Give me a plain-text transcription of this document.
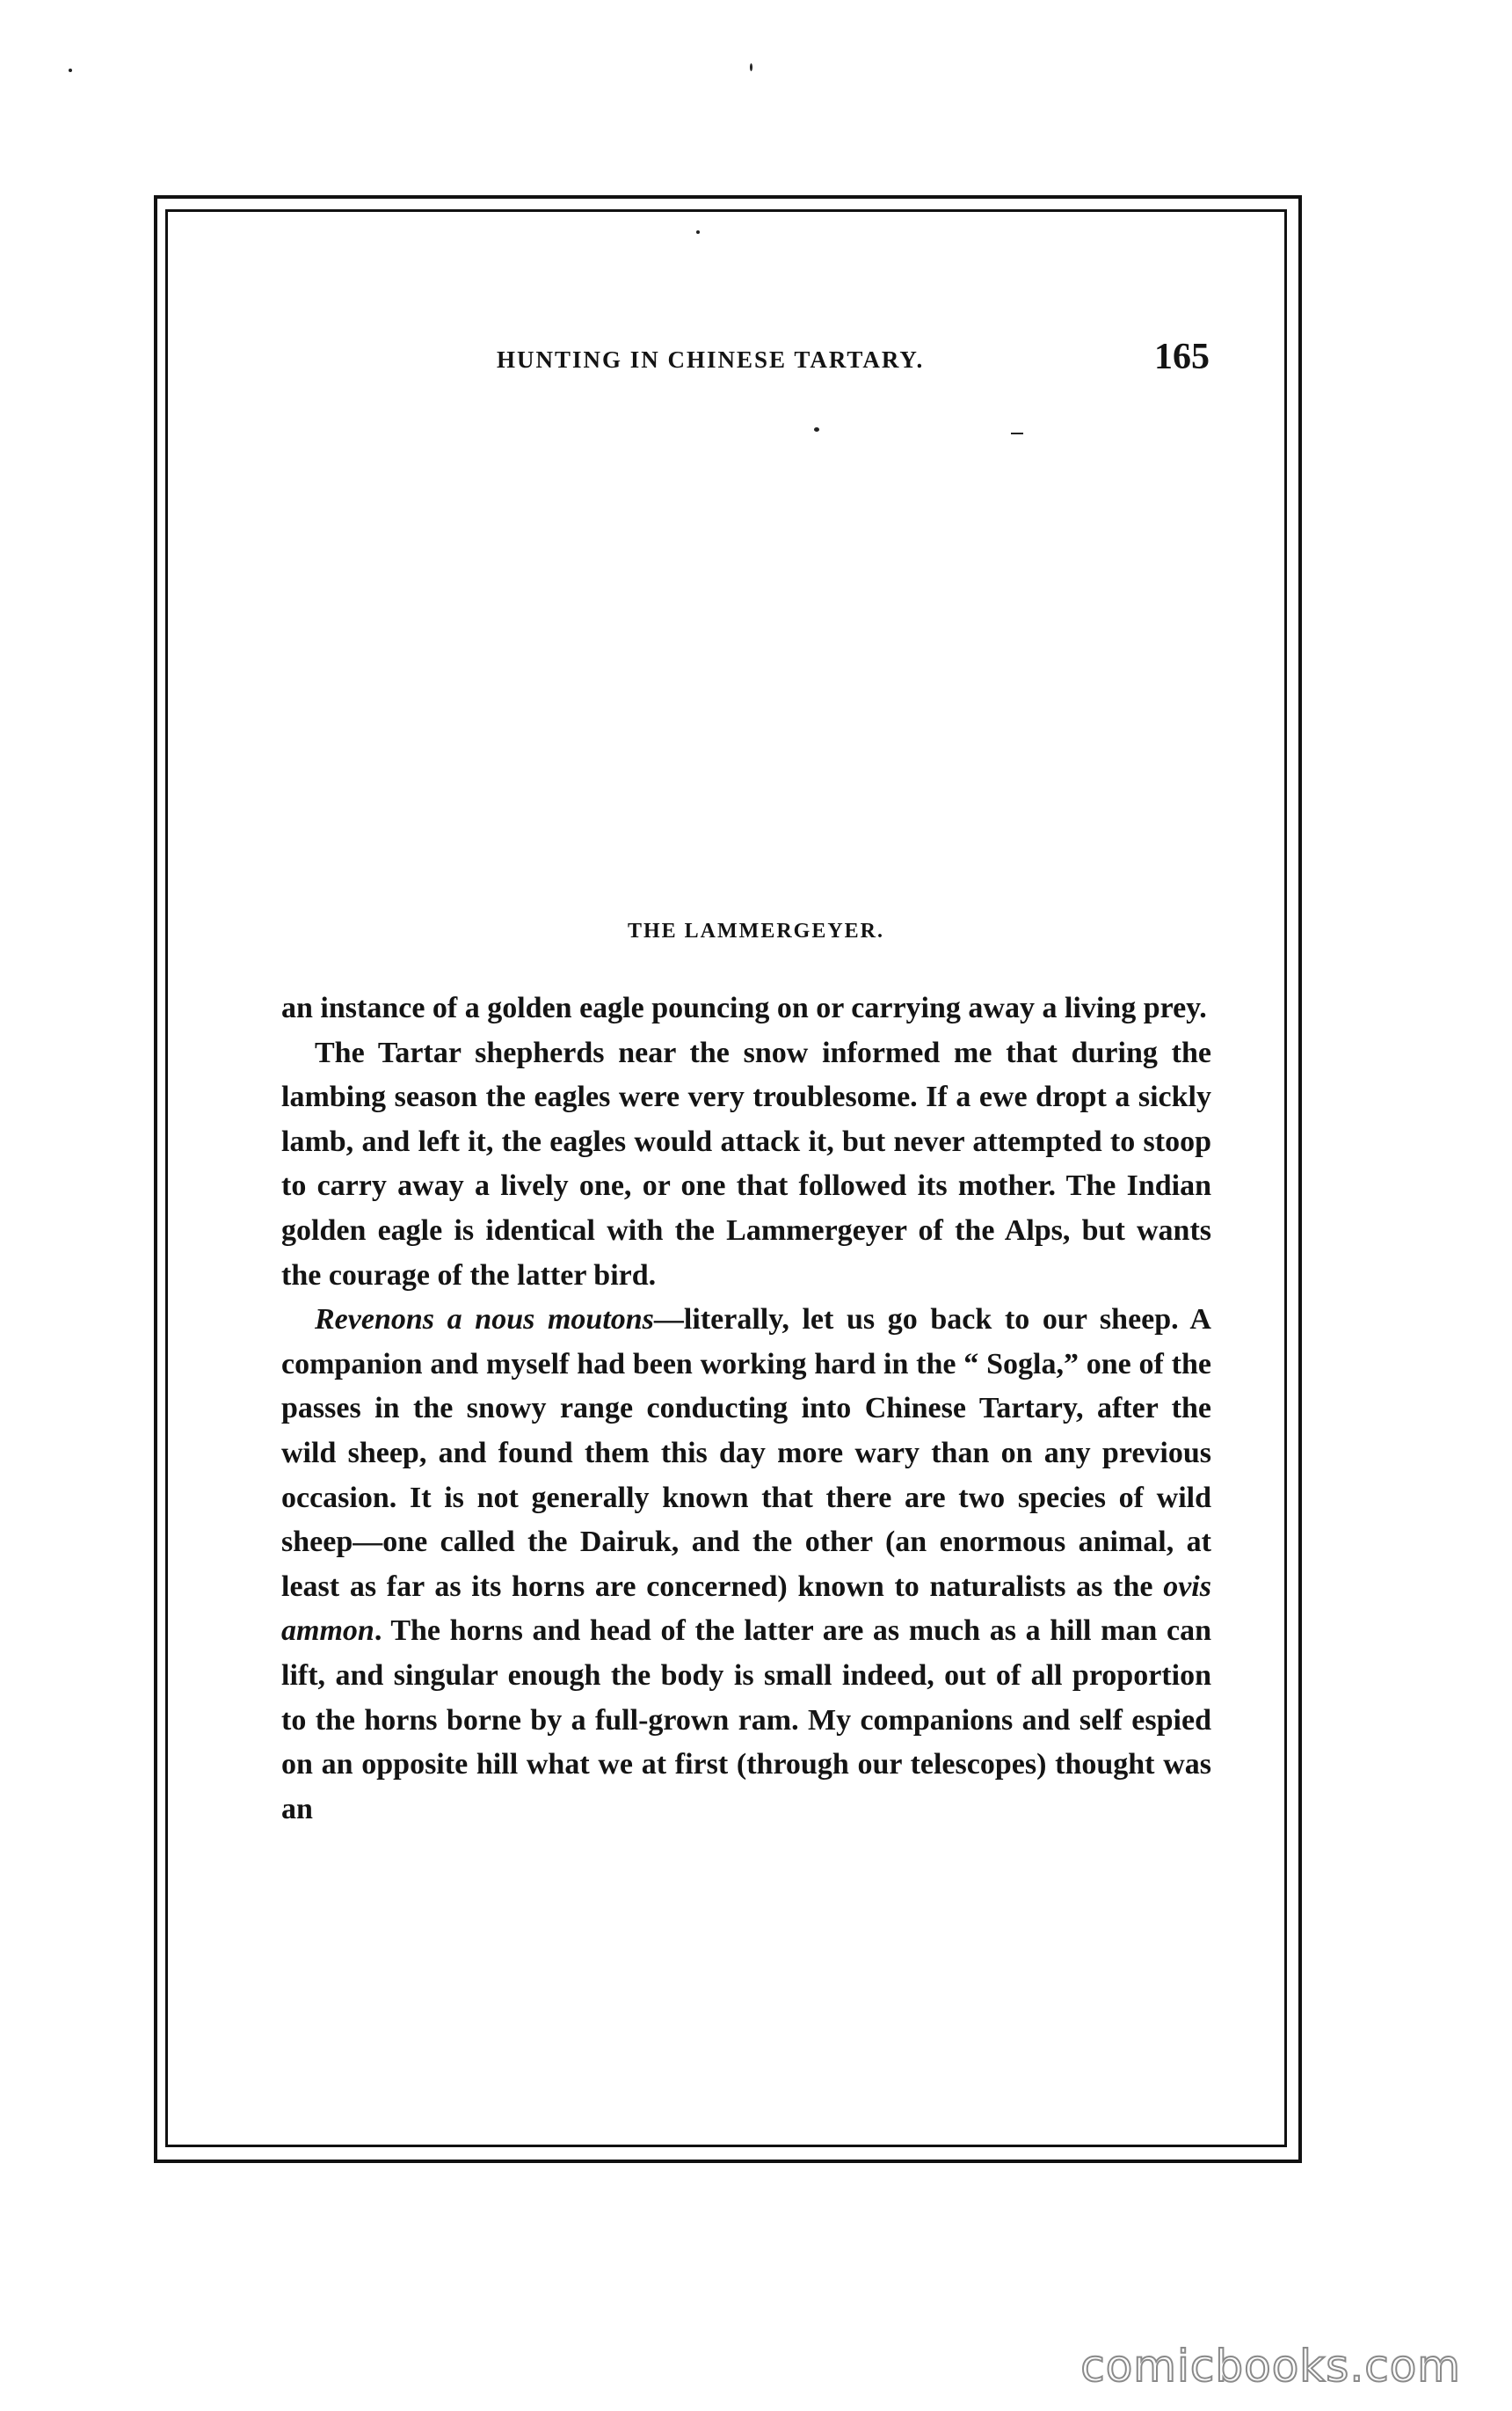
HUNTING IN CHINESE TARTARY.	165
THE LAMMERGEYER.

an instance of a golden eagle pouncing on or carrying away a living prey.

The Tartar shepherds near the snow informed me that during the lambing season the eagles were very troublesome. If a ewe dropt a sickly lamb, and left it, the eagles would attack it, but never attempted to stoop to carry away a lively one, or one that followed its mother. The Indian golden eagle is identical with the Lammergeyer of the Alps, but wants the courage of the latter bird.

Revenons a nous moutons—literally, let us go back to our sheep. A companion and myself had been working hard in the “ Sogla,” one of the passes in the snowy range conducting into Chinese Tartary, after the wild sheep, and found them this day more wary than on any previous occasion. It is not generally known that there are two species of wild sheep—one called the Dairuk, and the other (an enormous animal, at least as far as its horns are concerned) known to naturalists as the ovis ammon. The horns and head of the latter are as much as a hill man can lift, and singular enough the body is small indeed, out of all proportion to the horns borne by a full-grown ram. My companions and self espied on an opposite hill what we at first (through our telescopes) thought was an

comicbooks.com
